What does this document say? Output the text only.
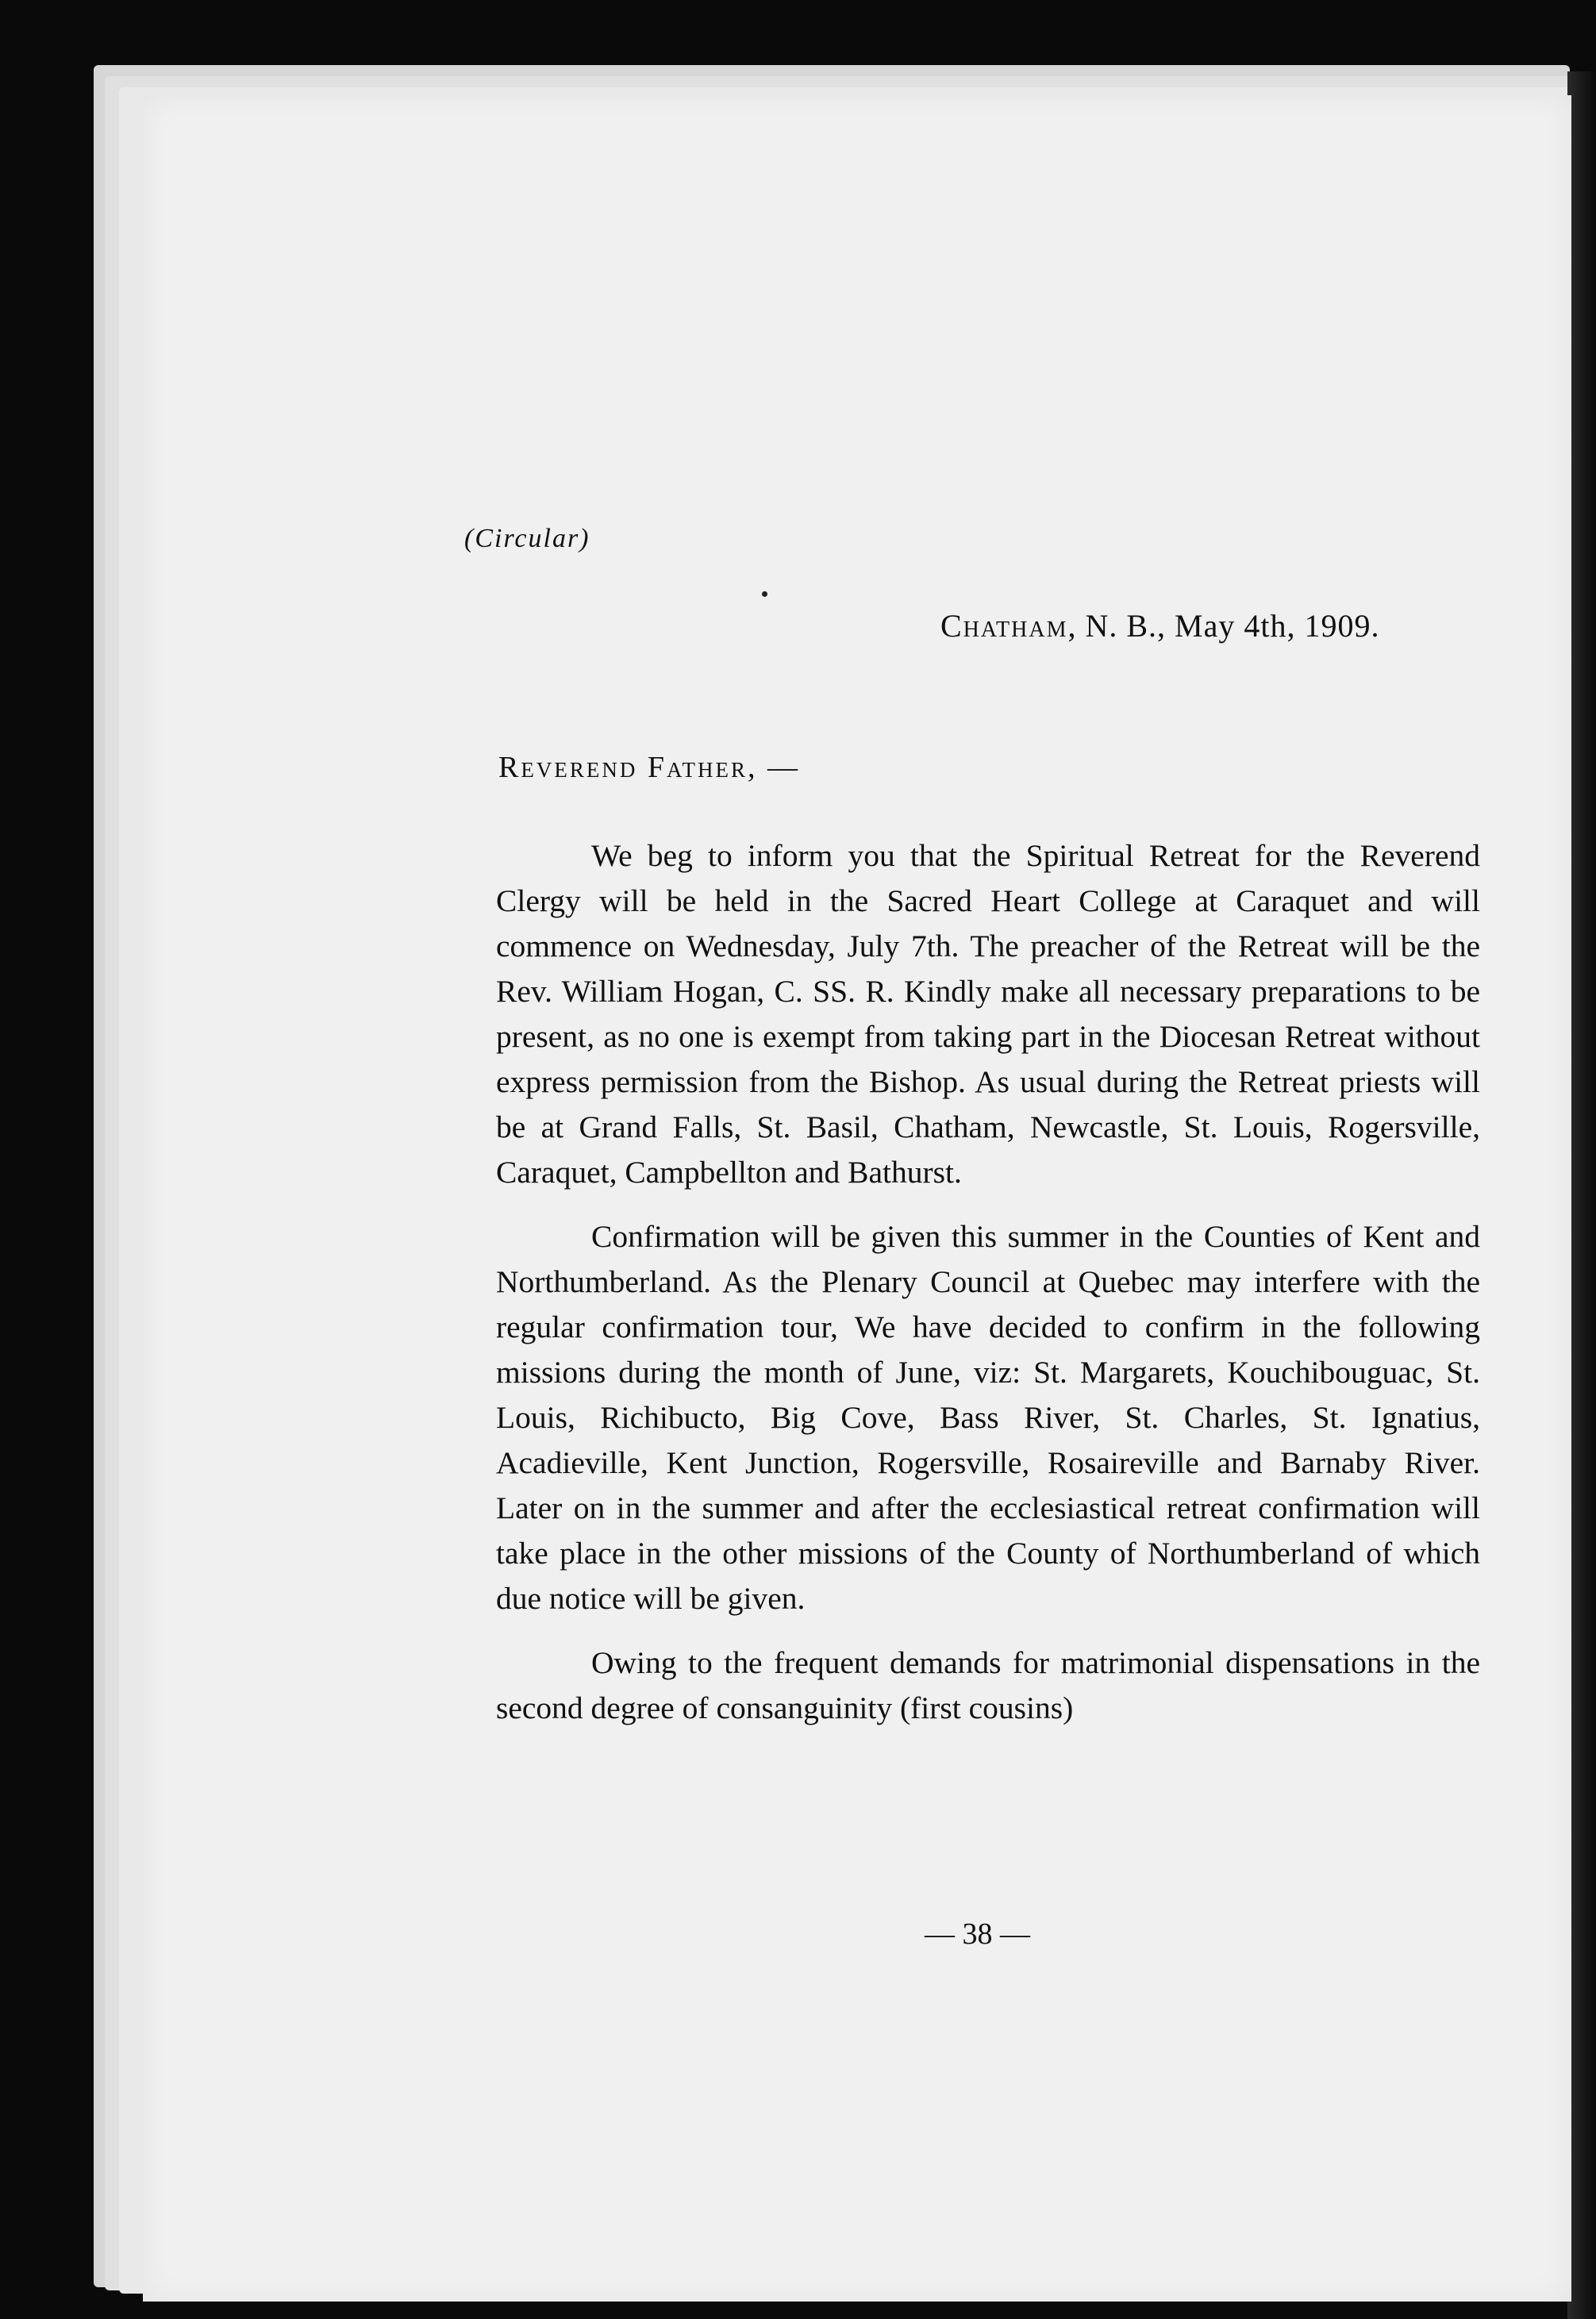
(Circular)
Chatham, N. B., May 4th, 1909.
Reverend Father, —

We beg to inform you that the Spiritual Retreat for the Reverend Clergy will be held in the Sacred Heart College at Caraquet and will commence on Wednesday, July 7th. The preacher of the Retreat will be the Rev. William Hogan, C. SS. R. Kindly make all necessary preparations to be present, as no one is exempt from taking part in the Diocesan Retreat without express permission from the Bishop. As usual during the Retreat priests will be at Grand Falls, St. Basil, Chatham, Newcastle, St. Louis, Rogersville, Caraquet, Campbellton and Bathurst.

Confirmation will be given this summer in the Counties of Kent and Northumberland. As the Plenary Council at Quebec may interfere with the regular confirmation tour, We have decided to confirm in the following missions during the month of June, viz: St. Margarets, Kouchibouguac, St. Louis, Richibucto, Big Cove, Bass River, St. Charles, St. Ignatius, Acadieville, Kent Junction, Rogersville, Rosaireville and Barnaby River. Later on in the summer and after the ecclesiastical retreat confirmation will take place in the other missions of the County of Northumberland of which due notice will be given.

Owing to the frequent demands for matrimonial dispensations in the second degree of consanguinity (first cousins)

— 38 —
